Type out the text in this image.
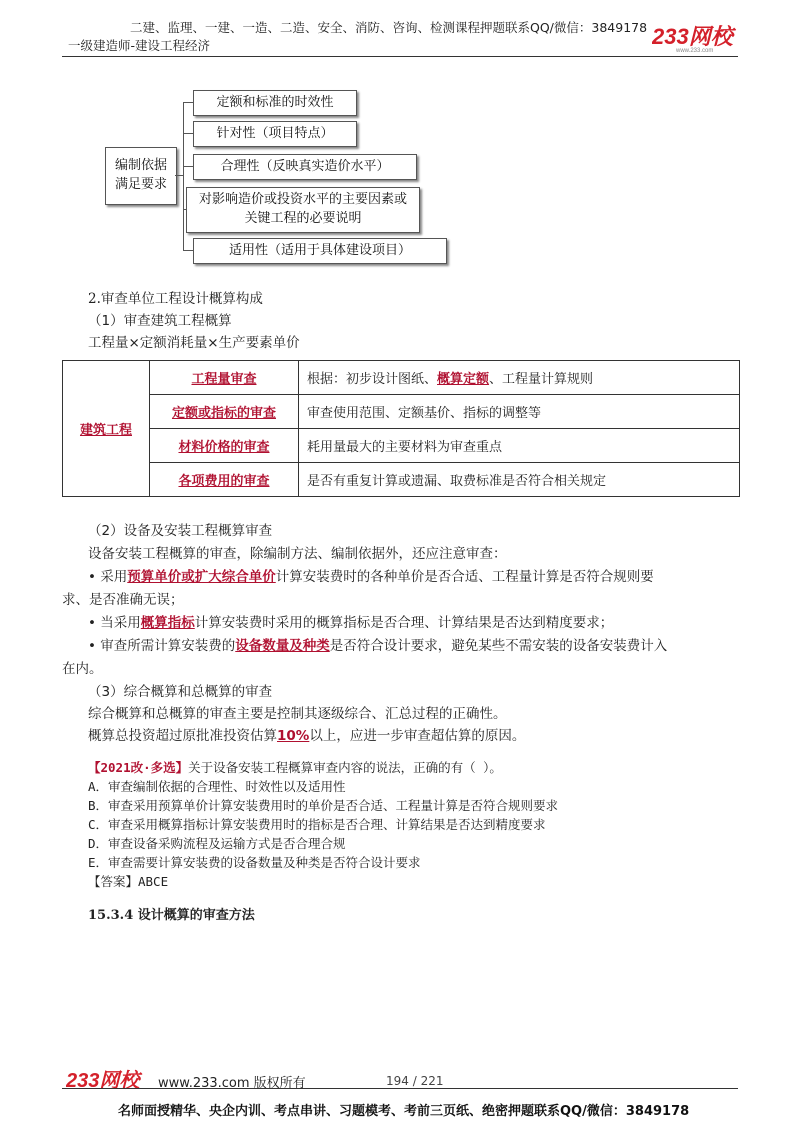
二建、监理、一建、一造、二造、安全、消防、咨询、检测课程押题联系QQ/微信：3849178
一级建造师-建设工程经济	233网校
www.233.com
编制依据满足要求
定额和标准的时效性
针对性（项目特点）
合理性（反映真实造价水平）
对影响造价或投资水平的主要因素或关键工程的必要说明
适用性（适用于具体建设项目）
2.审查单位工程设计概算构成
（1）审查建筑工程概算
工程量×定额消耗量×生产要素单价
建筑工程	工程量审查	根据：初步设计图纸、概算定额、工程量计算规则
	定额或指标的审查	审查使用范围、定额基价、指标的调整等
	材料价格的审查	耗用量最大的主要材料为审查重点
	各项费用的审查	是否有重复计算或遗漏、取费标准是否符合相关规定
（2）设备及安装工程概算审查
设备安装工程概算的审查，除编制方法、编制依据外，还应注意审查：
• 采用预算单价或扩大综合单价计算安装费时的各种单价是否合适、工程量计算是否符合规则要
求、是否准确无误；
• 当采用概算指标计算安装费时采用的概算指标是否合理、计算结果是否达到精度要求；
• 审查所需计算安装费的设备数量及种类是否符合设计要求，避免某些不需安装的设备安装费计入
在内。
（3）综合概算和总概算的审查
综合概算和总概算的审查主要是控制其逐级综合、汇总过程的正确性。
概算总投资超过原批准投资估算10%以上，应进一步审查超估算的原因。
【2021改·多选】关于设备安装工程概算审查内容的说法，正确的有（ ）。
A．审查编制依据的合理性、时效性以及适用性
B．审查采用预算单价计算安装费用时的单价是否合适、工程量计算是否符合规则要求
C．审查采用概算指标计算安装费用时的指标是否合理、计算结果是否达到精度要求
D．审查设备采购流程及运输方式是否合理合规
E．审查需要计算安装费的设备数量及种类是否符合设计要求
【答案】ABCE
15.3.4 设计概算的审查方法
233网校	www.233.com 版权所有	194 / 221
名师面授精华、央企内训、考点串讲、习题模考、考前三页纸、绝密押题联系QQ/微信：3849178
